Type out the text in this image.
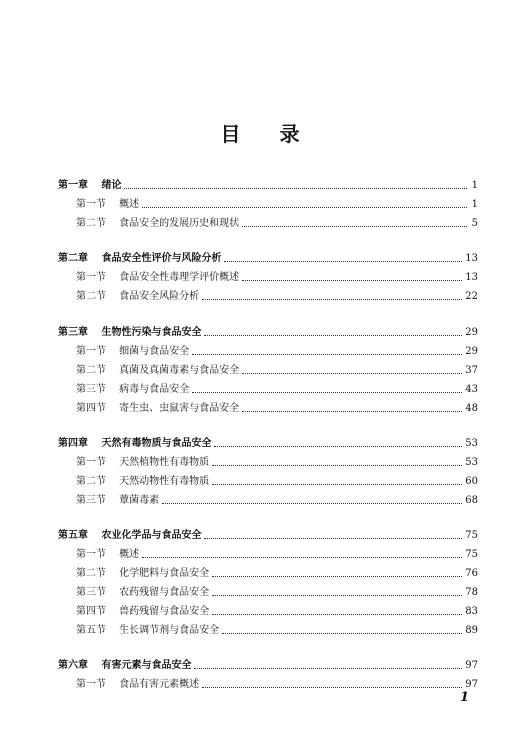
目 录
第一章 绪论	1
第一节 概述	1
第二节 食品安全的发展历史和现状	5
第二章 食品安全性评价与风险分析	13
第一节 食品安全性毒理学评价概述	13
第二节 食品安全风险分析	22
第三章 生物性污染与食品安全	29
第一节 细菌与食品安全	29
第二节 真菌及真菌毒素与食品安全	37
第三节 病毒与食品安全	43
第四节 寄生虫、虫鼠害与食品安全	48
第四章 天然有毒物质与食品安全	53
第一节 天然植物性有毒物质	53
第二节 天然动物性有毒物质	60
第三节 蕈菌毒素	68
第五章 农业化学品与食品安全	75
第一节 概述	75
第二节 化学肥料与食品安全	76
第三节 农药残留与食品安全	78
第四节 兽药残留与食品安全	83
第五节 生长调节剂与食品安全	89
第六章 有害元素与食品安全	97
第一节 食品有害元素概述	97
1
